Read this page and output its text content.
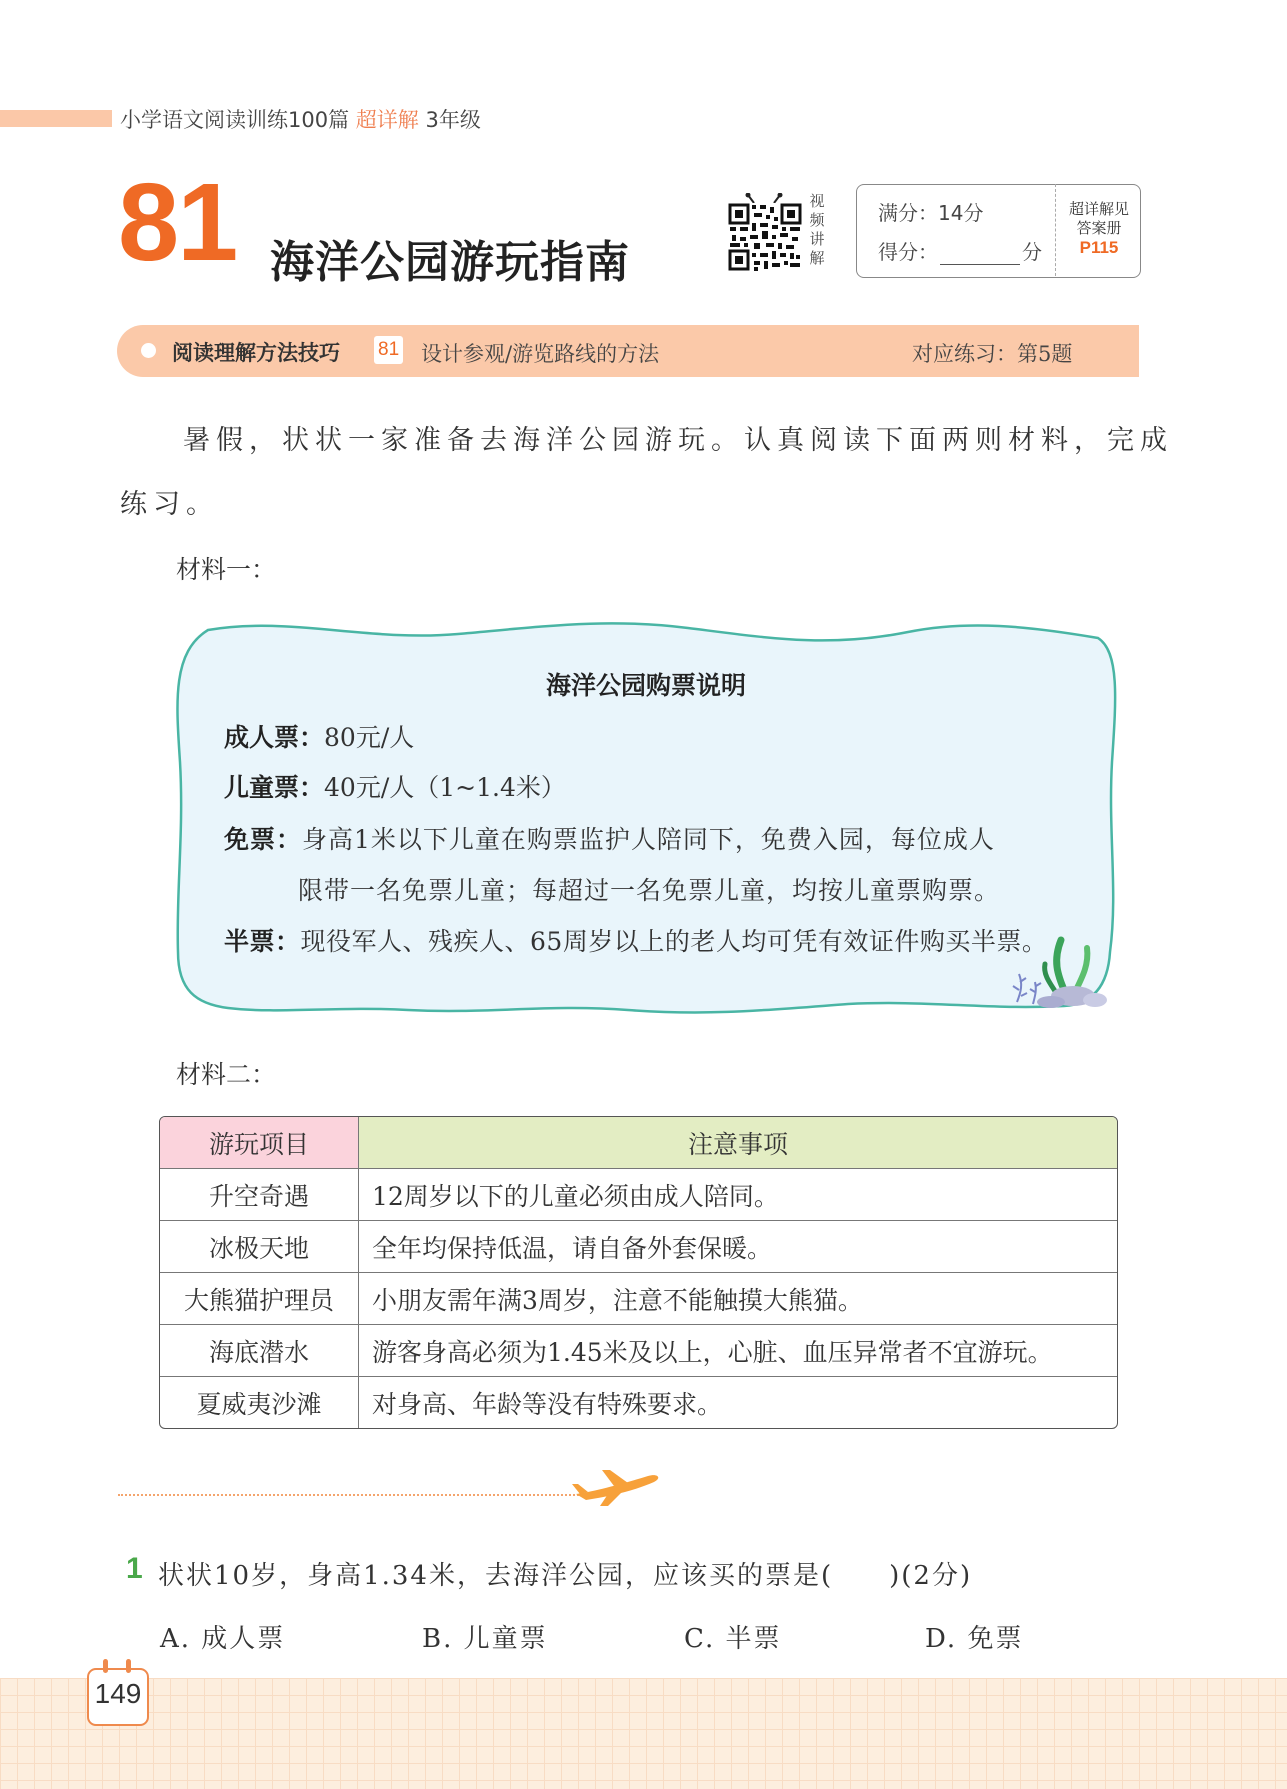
小学语文阅读训练100篇 超详解 3年级
81 海洋公园游玩指南
视
频
讲
解
满分：14分
得分：	分
超详解见
答案册
P115
阅读理解方法技巧 81 设计参观/游览路线的方法	对应练习：第5题
暑假，状状一家准备去海洋公园游玩。认真阅读下面两则材料，完成
练习。
材料一：
海洋公园购票说明
成人票：80元/人
儿童票：40元/人（1~1.4米）
免票：身高1米以下儿童在购票监护人陪同下，免费入园，每位成人
限带一名免票儿童；每超过一名免票儿童，均按儿童票购票。
半票：现役军人、残疾人、65周岁以上的老人均可凭有效证件购买半票。
材料二：
游玩项目	注意事项
升空奇遇	12周岁以下的儿童必须由成人陪同。
冰极天地	全年均保持低温，请自备外套保暖。
大熊猫护理员	小朋友需年满3周岁，注意不能触摸大熊猫。
海底潜水	游客身高必须为1.45米及以上，心脏、血压异常者不宜游玩。
夏威夷沙滩	对身高、年龄等没有特殊要求。
1 状状10岁，身高1.34米，去海洋公园，应该买的票是(　　)(2分)
A. 成人票	B. 儿童票	C. 半票	D. 免票
149
